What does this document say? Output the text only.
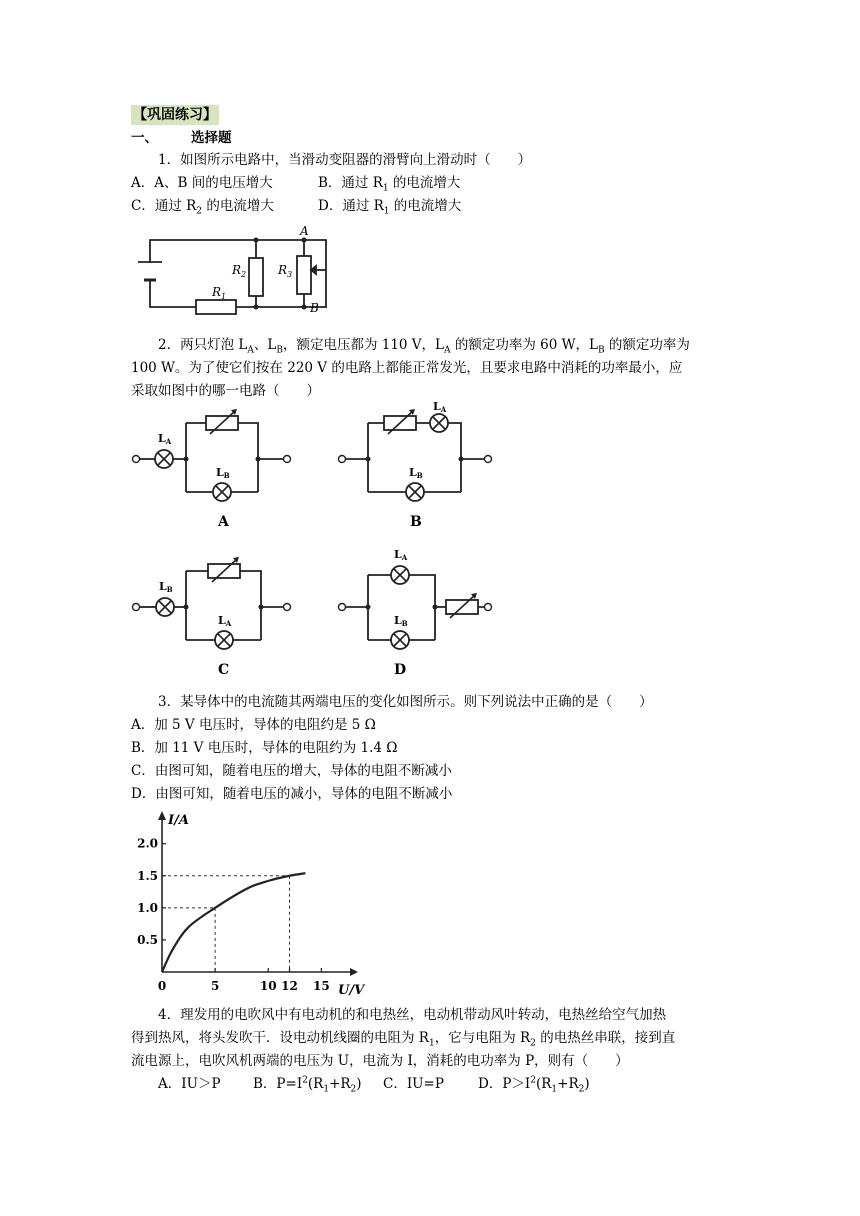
【巩固练习】
一、 选择题
1．如图所示电路中，当滑动变阻器的滑臂向上滑动时（　　）
A．A、B 间的电压增大	B．通过 $R_1$ 的电流增大
C．通过 $R_2$ 的电流增大	D．通过 $R_1$ 的电流增大
$R_1$
$R_2$	$R_3$
A
B
2．两只灯泡 $L_A$、$L_B$，额定电压都为 110 V，$L_A$ 的额定功率为 60 W，$L_B$ 的额定功率为
100 W。为了使它们按在 220 V 的电路上都能正常发光，且要求电路中消耗的功率最小，应
采取如图中的哪一电路（　　）
LA
LB
A
LA
LB
B
LB
LA
C
LA
LB
D
3．某导体中的电流随其两端电压的变化如图所示。则下列说法中正确的是（　　）
A．加 5 V 电压时，导体的电阻约是 5 Ω
B．加 11 V 电压时，导体的电阻约为 1.4 Ω
C．由图可知，随着电压的增大，导体的电阻不断减小
D．由图可知，随着电压的减小，导体的电阻不断减小
0	5	10 12 15
0.5
1.0
1.5
2.0
I/A
U/V
4．理发用的电吹风中有电动机的和电热丝，电动机带动风叶转动，电热丝给空气加热
得到热风，将头发吹干．设电动机线圈的电阻为 $R_1$，它与电阻为 $R_2$ 的电热丝串联，接到直
流电源上，电吹风机两端的电压为 U，电流为 I，消耗的电功率为 P，则有（　　）
A．IU＞P B．$P=I^2(R_1+R_2)$ C．IU=P	D．$P>I^2(R_1+R_2)$
